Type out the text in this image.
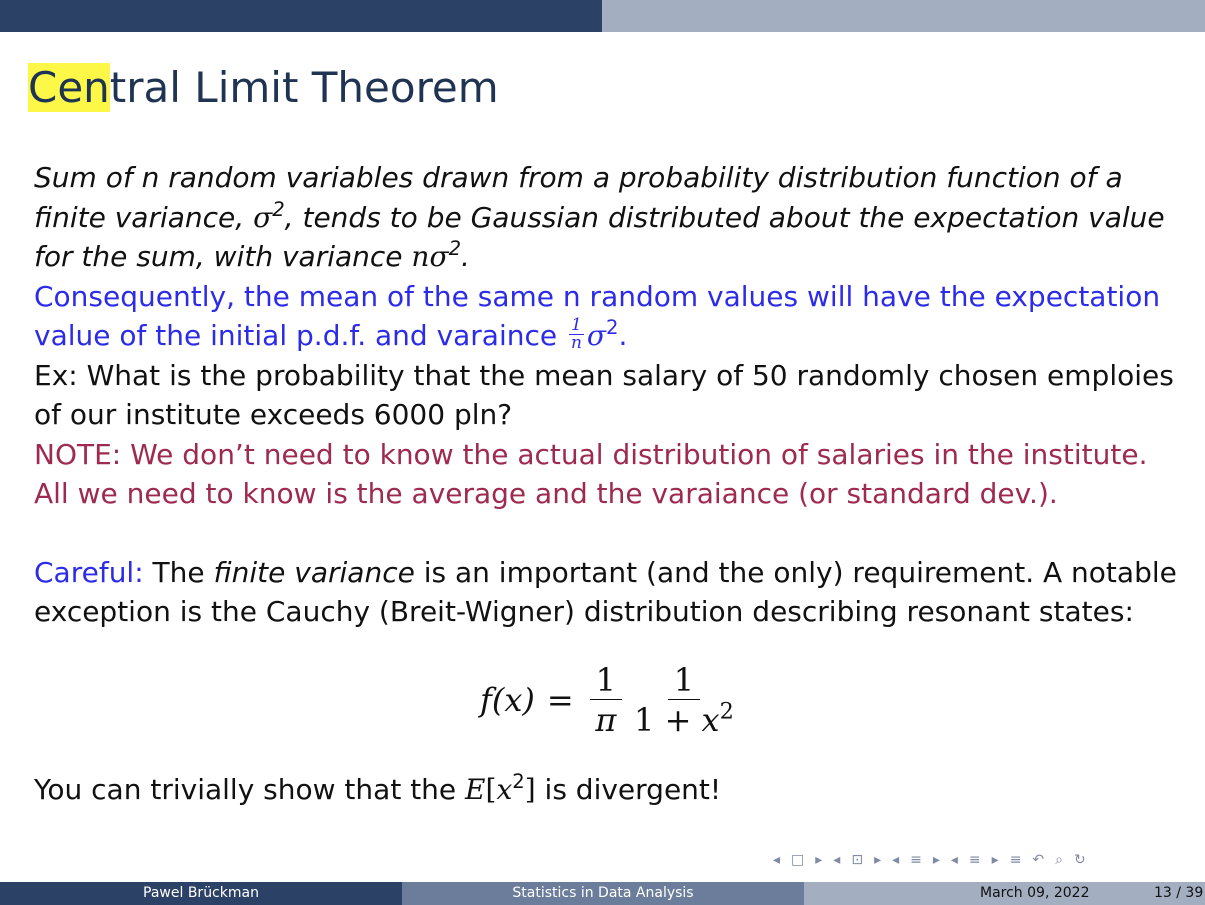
Central Limit Theorem

Sum of n random variables drawn from a probability distribution function of a

finite variance, $\sigma^2$, tends to be Gaussian distributed about the expectation value

for the sum, with variance $n\sigma^2$.

Consequently, the mean of the same n random values will have the expectation

value of the initial p.d.f. and varaince $\frac{1}{n} \sigma^2$.

Ex: What is the probability that the mean salary of 50 randomly chosen emploies

of our institute exceeds 6000 pln?

NOTE: We don’t need to know the actual distribution of salaries in the institute.

All we need to know is the average and the varaiance (or standard dev.).

Careful: The finite variance is an important (and the only) requirement. A notable

exception is the Cauchy (Breit-Wigner) distribution describing resonant states:

$f(x) = \frac{1}{\pi} \frac{1}{1 + x^2}$
You can trivially show that the $E[x^2]$ is divergent!
◂ □ ▸ ◂ ⊡ ▸ ◂ ≡ ▸ ◂ ≡ ▸ ≡ ↶ ⌕ ↻
Pawel Brückman	Statistics in Data Analysis	March 09, 2022	13 / 39
